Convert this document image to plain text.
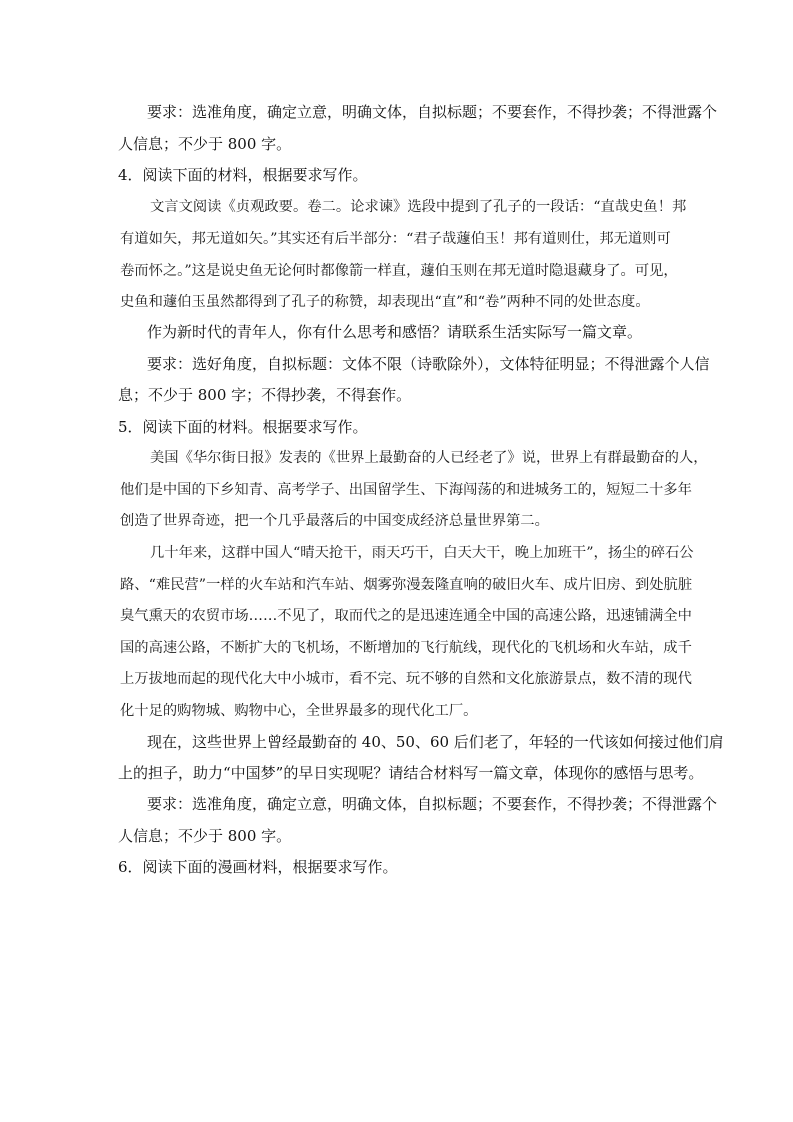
要求：选准角度，确定立意，明确文体，自拟标题；不要套作，不得抄袭；不得泄露个

人信息；不少于 800 字。

4．阅读下面的材料，根据要求写作。

文言文阅读《贞观政要。卷二。论求谏》选段中提到了孔子的一段话：“直哉史鱼！邦

有道如矢，邦无道如矢。”其实还有后半部分：“君子哉蘧伯玉！邦有道则仕，邦无道则可

卷而怀之。”这是说史鱼无论何时都像箭一样直，蘧伯玉则在邦无道时隐退藏身了。可见，

史鱼和蘧伯玉虽然都得到了孔子的称赞，却表现出“直”和“卷”两种不同的处世态度。

作为新时代的青年人，你有什么思考和感悟？请联系生活实际写一篇文章。

要求：选好角度，自拟标题：文体不限（诗歌除外），文体特征明显；不得泄露个人信

息；不少于 800 字；不得抄袭，不得套作。

5．阅读下面的材料。根据要求写作。

美国《华尔街日报》发表的《世界上最勤奋的人已经老了》说，世界上有群最勤奋的人，

他们是中国的下乡知青、高考学子、出国留学生、下海闯荡的和进城务工的，短短二十多年

创造了世界奇迹，把一个几乎最落后的中国变成经济总量世界第二。

几十年来，这群中国人“晴天抢干，雨天巧干，白天大干，晚上加班干”，扬尘的碎石公

路、“难民营”一样的火车站和汽车站、烟雾弥漫轰隆直响的破旧火车、成片旧房、到处肮脏

臭气熏天的农贸市场……不见了，取而代之的是迅速连通全中国的高速公路，迅速铺满全中

国的高速公路，不断扩大的飞机场，不断增加的飞行航线，现代化的飞机场和火车站，成千

上万拔地而起的现代化大中小城市，看不完、玩不够的自然和文化旅游景点，数不清的现代

化十足的购物城、购物中心，全世界最多的现代化工厂。

现在，这些世界上曾经最勤奋的 40、50、60 后们老了，年轻的一代该如何接过他们肩

上的担子，助力“中国梦”的早日实现呢？请结合材料写一篇文章，体现你的感悟与思考。

要求：选准角度，确定立意，明确文体，自拟标题；不要套作，不得抄袭；不得泄露个

人信息；不少于 800 字。

6．阅读下面的漫画材料，根据要求写作。
